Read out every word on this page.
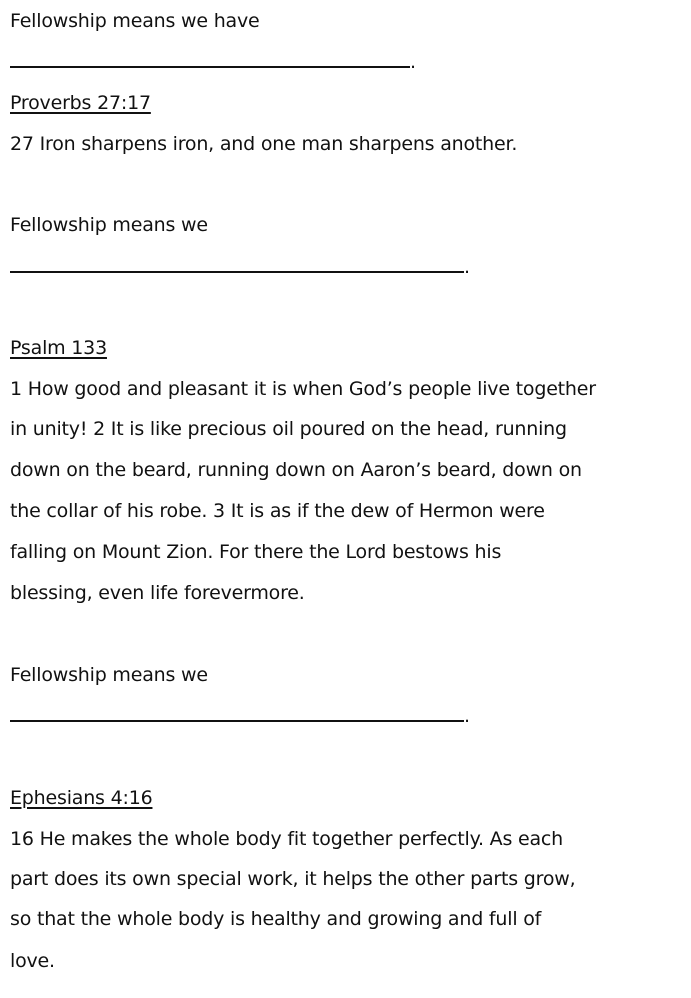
Fellowship means we have
.
Proverbs 27:17
27 Iron sharpens iron, and one man sharpens another.
Fellowship means we
.
Psalm 133
1 How good and pleasant it is when God’s people live together
in unity! 2 It is like precious oil poured on the head, running
down on the beard, running down on Aaron’s beard, down on
the collar of his robe. 3 It is as if the dew of Hermon were
falling on Mount Zion. For there the Lord bestows his
blessing, even life forevermore.
Fellowship means we
.
Ephesians 4:16
16 He makes the whole body fit together perfectly. As each
part does its own special work, it helps the other parts grow,
so that the whole body is healthy and growing and full of
love.
